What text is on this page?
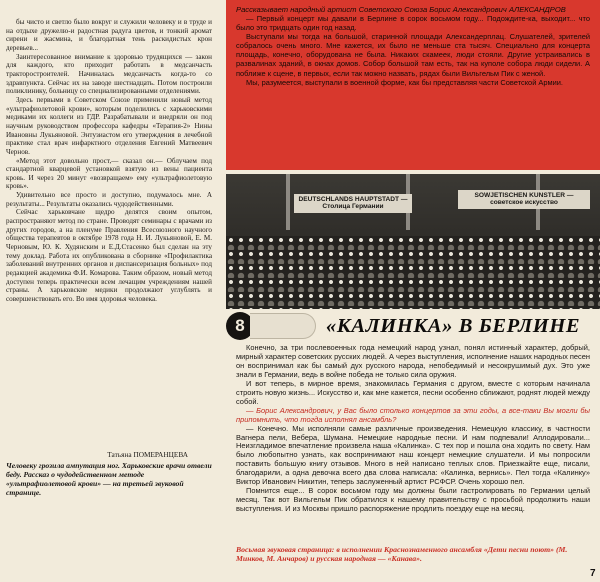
бы чисто и светло было вокруг и служили человеку и в труде и на отдыхе дружелю-и радостная радуга цветов, и тонкий аромат сирени и жасмина, и благодатная тень раскидистых крон деревьев...

Заинтересованное внимание к здоровью трудящихся — закон для каждого, кто приходит работать в медсанчасть тракторостроителей. Начиналась медсанчасть когда-то со здравпункта. Сейчас их на заводе шестнадцать. Потом построили поликлинику, больницу со специализированными отделениями.

Здесь первыми в Советском Союзе применили новый метод «ультрафиолетовой крови», которым поделились с харьковскими медиками их коллеги из ГДР. Разрабатывали и внедряли он под научным руководством профессора кафедры «Терапия-2» Нины Ивановны Лукьяновой. Энтузиастом его утверждения в лечебной практике стал врач инфарктного отделения Евгений Матвеевич Чернов.

«Метод этот довольно прост,— сказал он.— Облучаем под стандартной кварцевой установкой взятую из вены пациента кровь. И через 20 минут «возвращаем» ему «ультрафиолетовую кровь».

Удивительно все просто и доступно, подумалось мне. А результаты... Результаты оказались чудодейственными.

Сейчас харьковчане щедро делятся своим опытом, распространяют метод по стране. Проводят семинары с врачами из других городов, а на пленуме Правления Всесоюзного научного общества терапевтов в октябре 1978 года Н. И. Лукьяновой, Е. М. Черновым, Ю. К. Худянским и Е.Д.Стасенко был сделан на эту тему доклад. Работа их опубликована в сборнике «Профилактика заболеваний внутренних органов и диспансеризация больных» под редакцией академика Ф.И. Комарова. Таким образом, новый метод доступен теперь практически всем лечащим учреждениям нашей страны. А харьковские медики продолжают углублять и совершенствовать его. Во имя здоровья человека.

Татьяна ПОМЕРАНЦЕВА
Человеку грозила ампутация ног. Харьковские врачи отвели беду. Рассказ о чудодейственном методе «ультрафиолетовой крови» — на третьей звуковой странице.
Рассказывает народный артист Советского Союза Борис Александрович АЛЕКСАНДРОВ

— Первый концерт мы давали в Берлине в сорок восьмом году... Подождите-ка, выходит... что было это тридцать один год назад.

Выступали мы тогда на большой, старинной площади Александерплац. Слушателей, зрителей собралось очень много. Мне кажется, их было не меньше ста тысяч. Специально для концерта площадь, конечно, оборудована не была. Никаких скамеек, люди стояли. Другие устраивались в развалинах зданий, в окнах домов. Собор большой там есть, так на куполе собора люди сидели. А поближе к сцене, в первых, если так можно назвать, рядах были Вильгельм Пик с женой.

Мы, разумеется, выступали в военной форме, как бы представляя части Советской Армии.

DEUTSCHLANDS HAUPTSTADT — Столица Германии
SOWJETISCHEN KUNSTLER — советское искусство
8	«КАЛИНКА» В БЕРЛИНЕ

Конечно, за три послевоенных года немецкий народ узнал, понял истинный характер, добрый, мирный характер советских русских людей. А через выступления, исполнение наших народных песен он воспринимал как бы самый дух русского народа, непобедимый и несокрушимый дух. Это уже знали в Германии, ведь в войне победа не только сила оружия.

И вот теперь, в мирное время, знакомилась Германия с другом, вместе с которым начинала строить новую жизнь... Искусство и, как мне кажется, песни особенно сближают, роднят людей между собой.

— Борис Александрович, у Вас было столько концертов за эти годы, а все-таки Вы могли бы припомнить, что тогда исполнял ансамбль?

— Конечно. Мы исполняли самые различные произведения. Немецкую классику, в частности Вагнера пели, Вебера, Шумана. Немецкие народные песни. И нам подпевали! Аплодировали... Неизгладимое впечатление произвела наша «Калинка». С тех пор и пошла она ходить по свету. Нам было любопытно узнать, как воспринимают наш концерт немецкие слушатели. И мы попросили поставить большую книгу отзывов. Много в ней написано теплых слов. Приезжайте еще, писали, благодарили, а одна девочка всего два слова написала: «Калинка, вернись». Пел тогда «Калинку» Виктор Иванович Никитин, теперь заслуженный артист РСФСР. Очень хорошо пел.

Помнится еще... В сорок восьмом году мы должны были гастролировать по Германии целый месяц. Так вот Вильгельм Пик обратился к нашему правительству с просьбой продолжить наши выступления. И из Москвы пришло распоряжение продлить поездку еще на месяц.

Восьмая звуковая страница: в исполнении Краснознаменного ансамбля «Дети песни поют» (М. Минков, М. Анчаров) и русская народная — «Канава».
7
